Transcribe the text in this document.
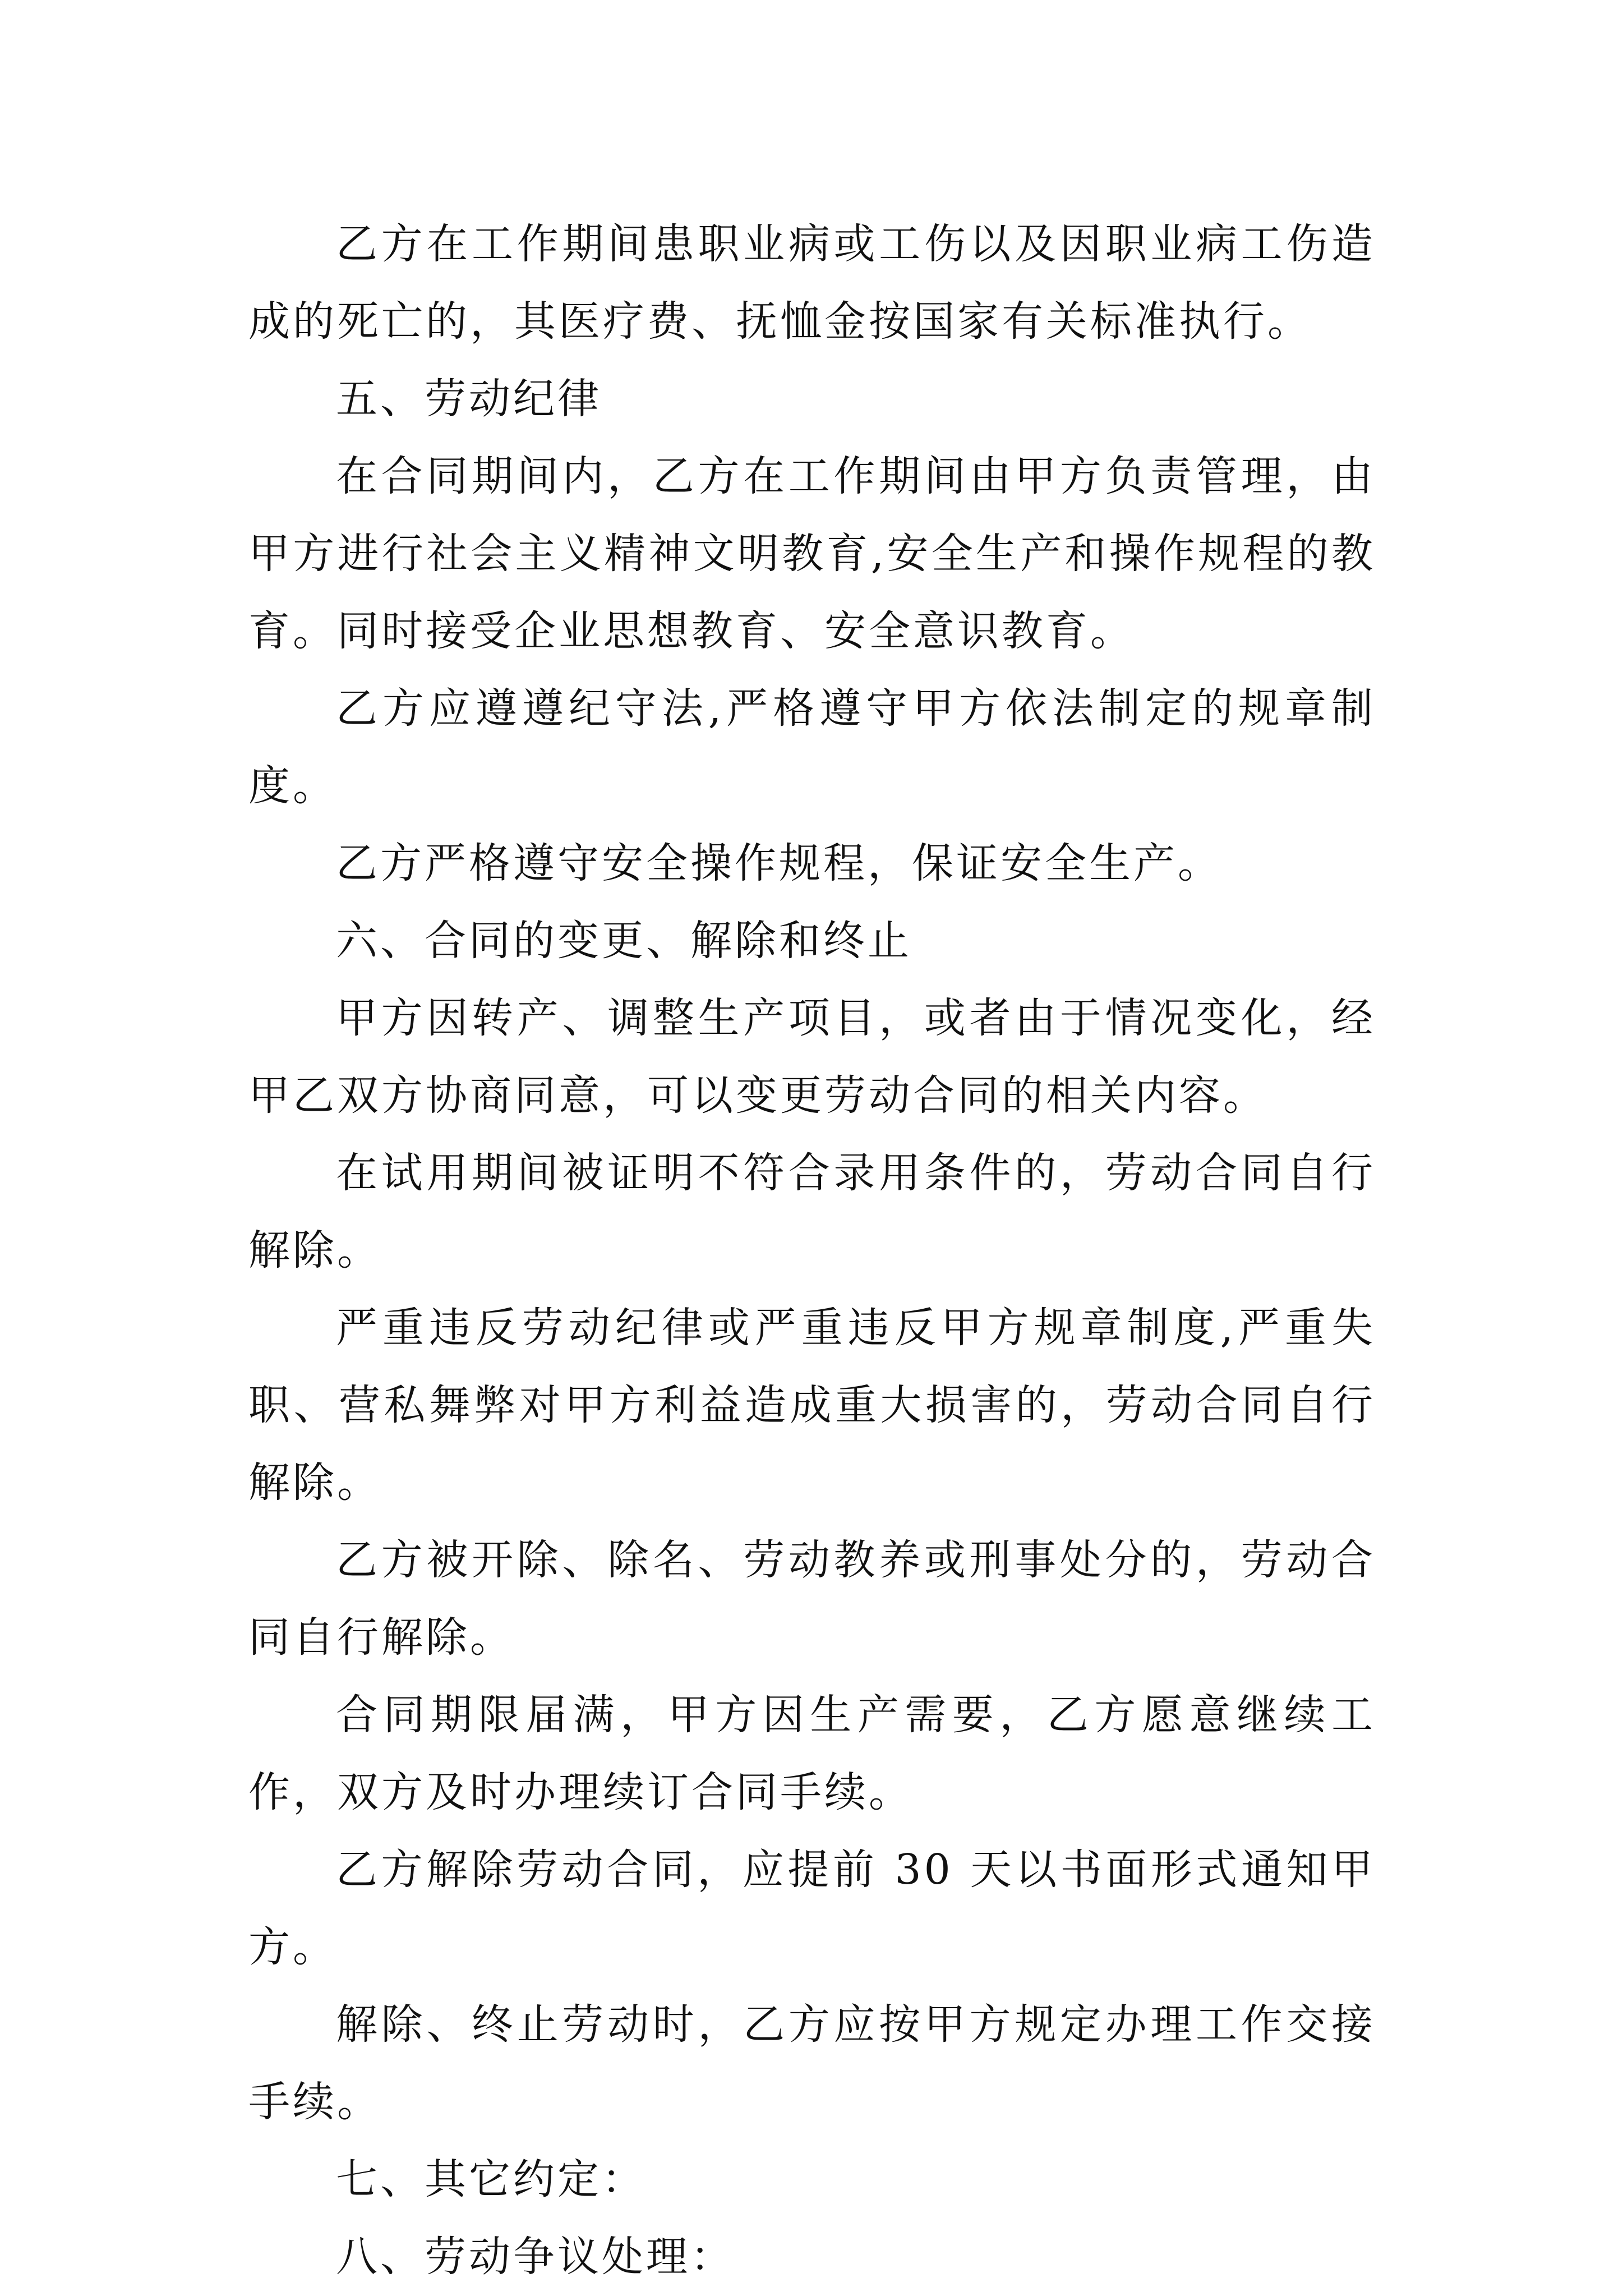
乙方在工作期间患职业病或工伤以及因职业病工伤造成的死亡的，其医疗费、抚恤金按国家有关标准执行。

五、劳动纪律

在合同期间内，乙方在工作期间由甲方负责管理，由甲方进行社会主义精神文明教育,安全生产和操作规程的教育。同时接受企业思想教育、安全意识教育。

乙方应遵遵纪守法,严格遵守甲方依法制定的规章制度。

乙方严格遵守安全操作规程，保证安全生产。

六、合同的变更、解除和终止

甲方因转产、调整生产项目，或者由于情况变化，经甲乙双方协商同意，可以变更劳动合同的相关内容。

在试用期间被证明不符合录用条件的，劳动合同自行解除。

严重违反劳动纪律或严重违反甲方规章制度,严重失职、营私舞弊对甲方利益造成重大损害的，劳动合同自行解除。

乙方被开除、除名、劳动教养或刑事处分的，劳动合同自行解除。

合同期限届满，甲方因生产需要，乙方愿意继续工作，双方及时办理续订合同手续。

乙方解除劳动合同，应提前 30 天以书面形式通知甲方。

解除、终止劳动时，乙方应按甲方规定办理工作交接手续。

七、其它约定：

八、劳动争议处理：
